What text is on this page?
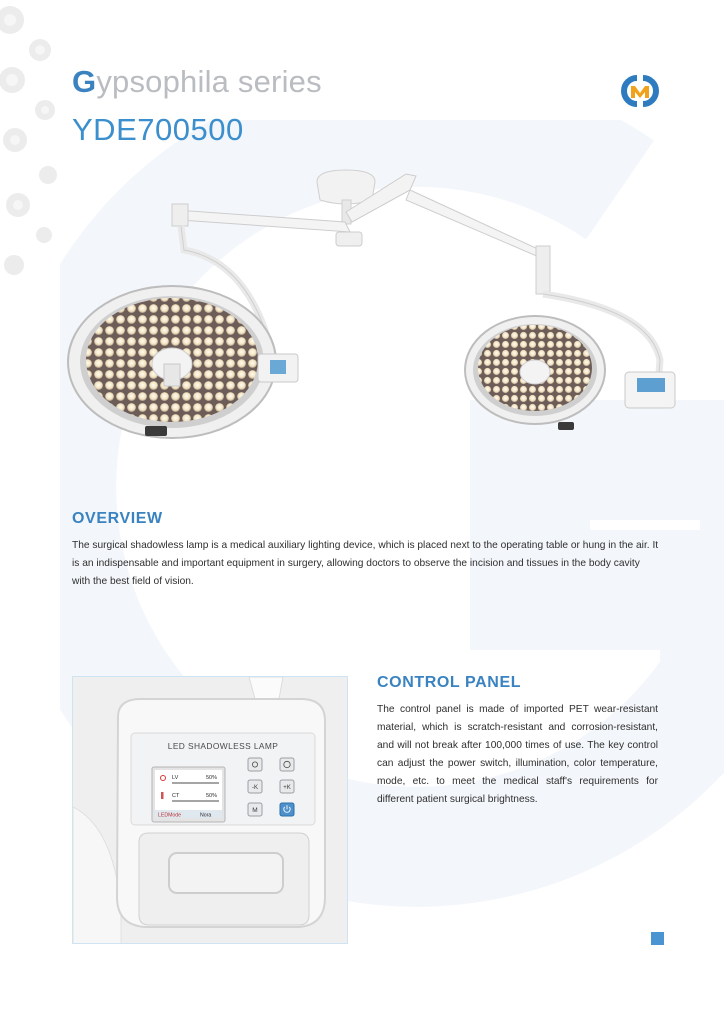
Gypsophila series
YDE700500
OVERVIEW
The surgical shadowless lamp is a medical auxiliary lighting device, which is placed next to the operating table or hung in the air. It is an indispensable and important equipment in surgery, allowing doctors to observe the incision and tissues in the body cavity with the best field of vision.
LED SHADOWLESS LAMP
LV	50%
CT	50%
LEDMode	Nora
-K	+K
M
CONTROL PANEL
The control panel is made of imported PET wear-resistant material, which is scratch-resistant and corrosion-resistant, and will not break after 100,000 times of use. The key control can adjust the power switch, illumination, color temperature, mode, etc. to meet the medical staff's requirements for different patient surgical brightness.
